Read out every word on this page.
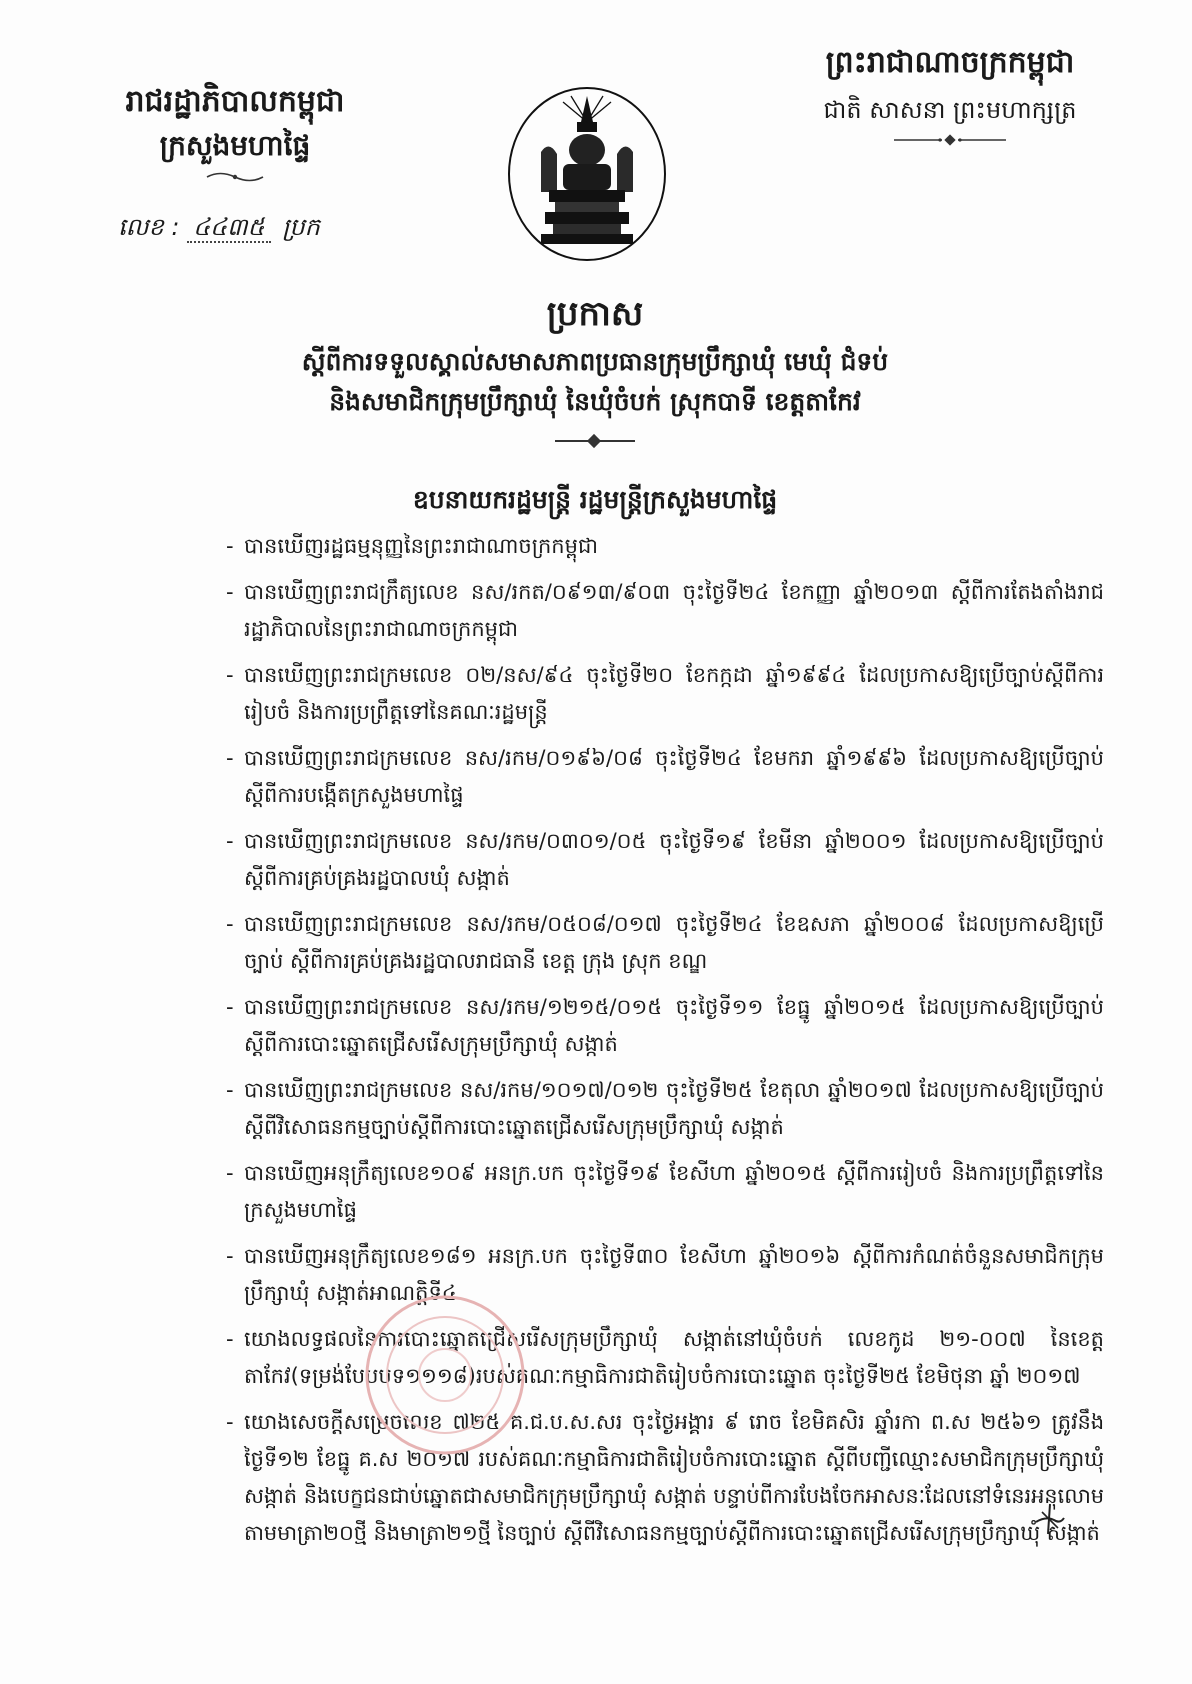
រាជរដ្ឋាភិបាលកម្ពុជា
ក្រសួងមហាផ្ទៃ
លេខ : ៤៤៣៥ ប្រក
ព្រះរាជាណាចក្រកម្ពុជា
ជាតិ សាសនា ព្រះមហាក្សត្រ
ប្រកាស
ស្តីពីការទទួលស្គាល់សមាសភាពប្រធានក្រុមប្រឹក្សាឃុំ មេឃុំ ជំទប់
និងសមាជិកក្រុមប្រឹក្សាឃុំ នៃឃុំចំបក់ ស្រុកបាទី ខេត្តតាកែវ
ឧបនាយករដ្ឋមន្ត្រី រដ្ឋមន្ត្រីក្រសួងមហាផ្ទៃ
- បានឃើញរដ្ឋធម្មនុញ្ញនៃព្រះរាជាណាចក្រកម្ពុជា
- បានឃើញព្រះរាជក្រឹត្យលេខ នស/រកត/០៩១៣/៩០៣ ចុះថ្ងៃទី២៤ ខែកញ្ញា ឆ្នាំ២០១៣ ស្តីពីការតែងតាំងរាជរដ្ឋាភិបាលនៃព្រះរាជាណាចក្រកម្ពុជា
- បានឃើញព្រះរាជក្រមលេខ ០២/នស/៩៤ ចុះថ្ងៃទី២០ ខែកក្កដា ឆ្នាំ១៩៩៤ ដែលប្រកាសឱ្យប្រើច្បាប់ស្តីពីការរៀបចំ និងការប្រព្រឹត្តទៅនៃគណៈរដ្ឋមន្ត្រី
- បានឃើញព្រះរាជក្រមលេខ នស/រកម/០១៩៦/០៨ ចុះថ្ងៃទី២៤ ខែមករា ឆ្នាំ១៩៩៦ ដែលប្រកាសឱ្យប្រើច្បាប់ ស្តីពីការបង្កើតក្រសួងមហាផ្ទៃ
- បានឃើញព្រះរាជក្រមលេខ នស/រកម/០៣០១/០៥ ចុះថ្ងៃទី១៩ ខែមីនា ឆ្នាំ២០០១ ដែលប្រកាសឱ្យប្រើច្បាប់ ស្តីពីការគ្រប់គ្រងរដ្ឋបាលឃុំ សង្កាត់
- បានឃើញព្រះរាជក្រមលេខ នស/រកម/០៥០៨/០១៧ ចុះថ្ងៃទី២៤ ខែឧសភា ឆ្នាំ២០០៨ ដែលប្រកាសឱ្យប្រើច្បាប់ ស្តីពីការគ្រប់គ្រងរដ្ឋបាលរាជធានី ខេត្ត ក្រុង ស្រុក ខណ្ឌ
- បានឃើញព្រះរាជក្រមលេខ នស/រកម/១២១៥/០១៥ ចុះថ្ងៃទី១១ ខែធ្នូ ឆ្នាំ២០១៥ ដែលប្រកាសឱ្យប្រើច្បាប់ ស្តីពីការបោះឆ្នោតជ្រើសរើសក្រុមប្រឹក្សាឃុំ សង្កាត់
- បានឃើញព្រះរាជក្រមលេខ នស/រកម/១០១៧/០១២ ចុះថ្ងៃទី២៥ ខែតុលា ឆ្នាំ២០១៧ ដែលប្រកាសឱ្យប្រើច្បាប់ ស្តីពីវិសោធនកម្មច្បាប់ស្តីពីការបោះឆ្នោតជ្រើសរើសក្រុមប្រឹក្សាឃុំ សង្កាត់
- បានឃើញអនុក្រឹត្យលេខ១០៩ អនក្រ.បក ចុះថ្ងៃទី១៩ ខែសីហា ឆ្នាំ២០១៥ ស្តីពីការរៀបចំ និងការប្រព្រឹត្តទៅនៃក្រសួងមហាផ្ទៃ
- បានឃើញអនុក្រឹត្យលេខ១៨១ អនក្រ.បក ចុះថ្ងៃទី៣០ ខែសីហា ឆ្នាំ២០១៦ ស្តីពីការកំណត់ចំនួនសមាជិកក្រុមប្រឹក្សាឃុំ សង្កាត់អាណត្តិទី៤
- យោងលទ្ធផលនៃការបោះឆ្នោតជ្រើសរើសក្រុមប្រឹក្សាឃុំ សង្កាត់នៅឃុំចំបក់ លេខកូដ ២១-០០៧ នៃខេត្តតាកែវ(ទម្រង់បែបបទ១១១៨)របស់គណៈកម្មាធិការជាតិរៀបចំការបោះឆ្នោត ចុះថ្ងៃទី២៥ ខែមិថុនា ឆ្នាំ ២០១៧
- យោងសេចក្តីសម្រេចលេខ ៧២៥ គ.ជ.ប.ស.សរ ចុះថ្ងៃអង្គារ ៩ រោច ខែមិគសិរ ឆ្នាំរកា ព.ស ២៥៦១ ត្រូវនឹងថ្ងៃទី១២ ខែធ្នូ គ.ស ២០១៧ របស់គណៈកម្មាធិការជាតិរៀបចំការបោះឆ្នោត ស្តីពីបញ្ជីឈ្មោះសមាជិកក្រុមប្រឹក្សាឃុំ សង្កាត់ និងបេក្ខជនជាប់ឆ្នោតជាសមាជិកក្រុមប្រឹក្សាឃុំ សង្កាត់ បន្ទាប់ពីការបែងចែកអាសនៈដែលនៅទំនេរអនុលោមតាមមាត្រា២០ថ្មី និងមាត្រា២១ថ្មី នៃច្បាប់ ស្តីពីវិសោធនកម្មច្បាប់ស្តីពីការបោះឆ្នោតជ្រើសរើសក្រុមប្រឹក្សាឃុំ សង្កាត់
